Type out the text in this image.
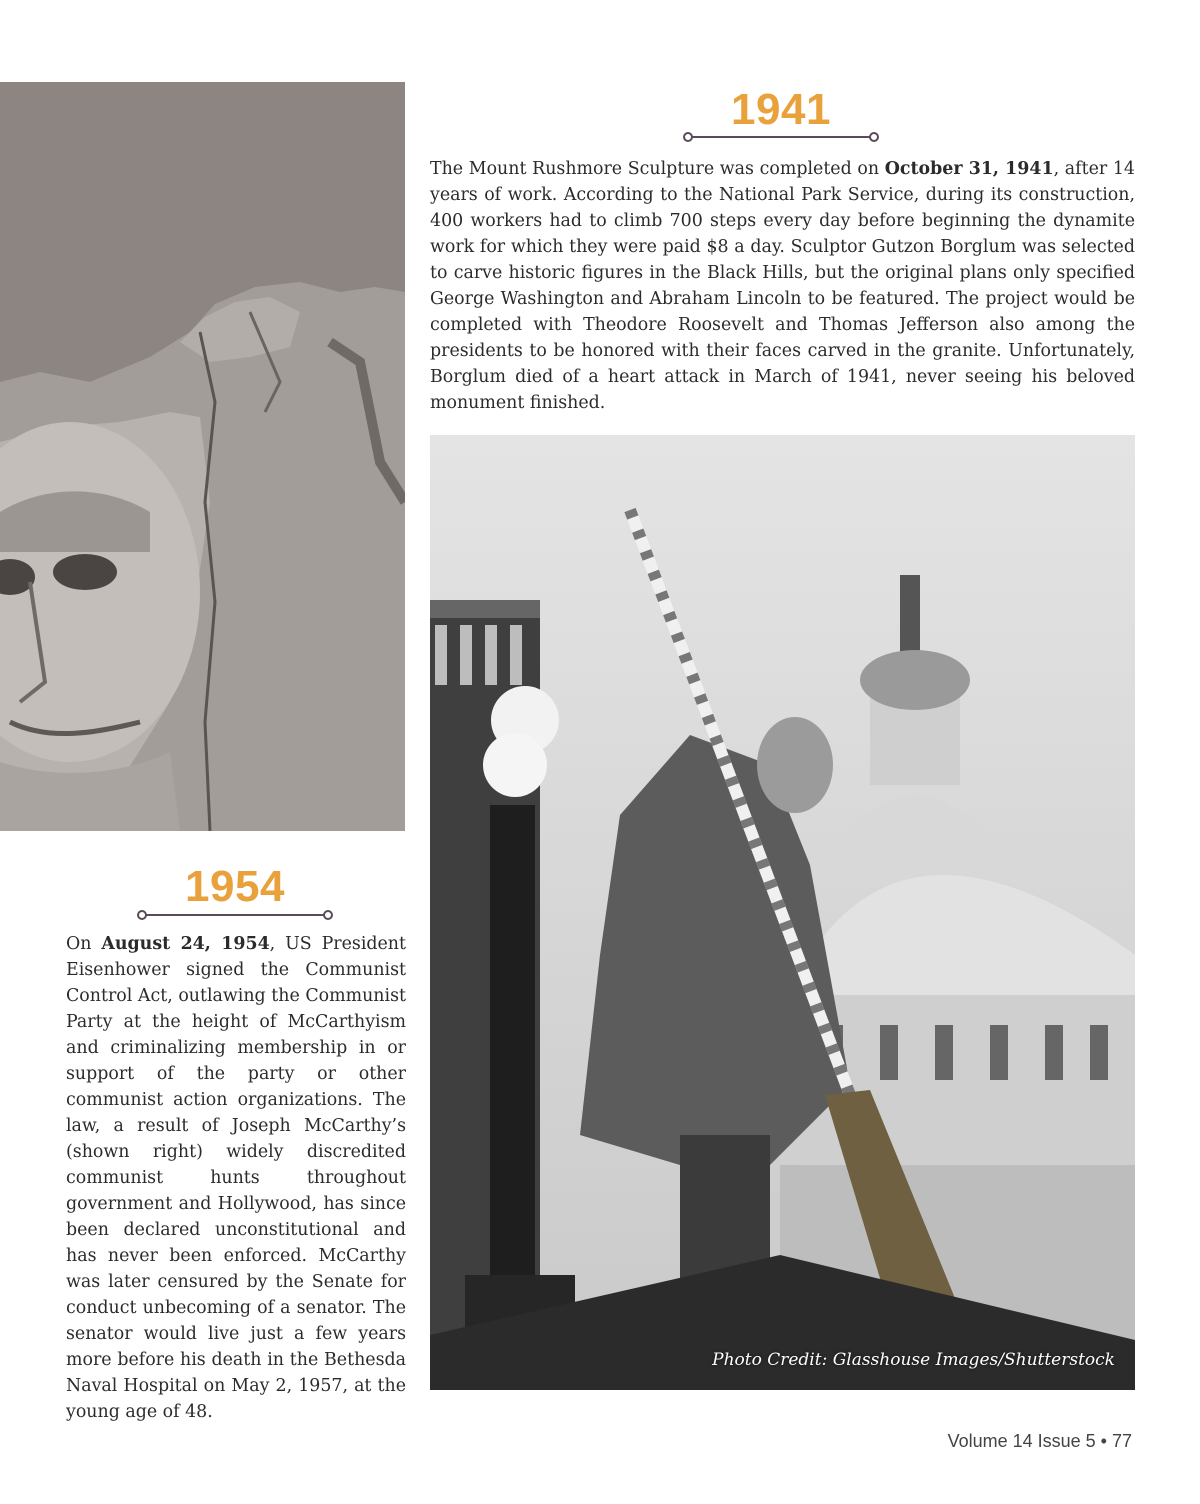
1941
The Mount Rushmore Sculpture was completed on October 31, 1941, after 14 years of work. According to the National Park Service, during its construction, 400 workers had to climb 700 steps every day before beginning the dynamite work for which they were paid $8 a day. Sculptor Gutzon Borglum was selected to carve historic figures in the Black Hills, but the original plans only specified George Washington and Abraham Lincoln to be featured. The project would be completed with Theodore Roosevelt and Thomas Jefferson also among the presidents to be honored with their faces carved in the granite. Unfortunately, Borglum died of a heart attack in March of 1941, never seeing his beloved monument finished.
Photo Credit: Glasshouse Images/Shutterstock
1954
On August 24, 1954, US President Eisenhower signed the Communist Control Act, outlawing the Communist Party at the height of McCarthyism and criminalizing membership in or support of the party or other communist action organizations. The law, a result of Joseph McCarthy’s (shown right) widely discredited communist hunts throughout government and Hollywood, has since been declared unconstitutional and has never been enforced. McCarthy was later censured by the Senate for conduct unbecoming of a senator. The senator would live just a few years more before his death in the Bethesda Naval Hospital on May 2, 1957, at the young age of 48.
Volume 14 Issue 5 • 77
